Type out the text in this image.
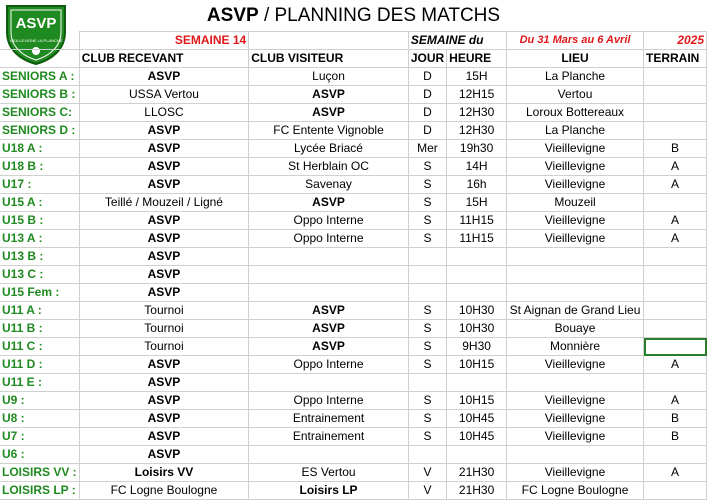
ASVP
VIEILLEVIGNE LA PLANCHE
ASVP / PLANNING DES MATCHS
	SEMAINE 14		SEMAINE du		Du 31 Mars au 6 Avril	2025
	CLUB RECEVANT	CLUB VISITEUR	JOUR	HEURE	LIEU	TERRAIN
SENIORS A :	ASVP	Luçon	D	15H	La Planche	
SENIORS B :	USSA Vertou	ASVP	D	12H15	Vertou	
SENIORS C:	LLOSC	ASVP	D	12H30	Loroux Bottereaux	
SENIORS D :	ASVP	FC Entente Vignoble	D	12H30	La Planche	
U18 A :	ASVP	Lycée Briacé	Mer	19h30	Vieillevigne	B
U18 B :	ASVP	St Herblain OC	S	14H	Vieillevigne	A
U17 :	ASVP	Savenay	S	16h	Vieillevigne	A
U15 A :	Teillé / Mouzeil / Ligné	ASVP	S	15H	Mouzeil	
U15 B :	ASVP	Oppo Interne	S	11H15	Vieillevigne	A
U13 A :	ASVP	Oppo Interne	S	11H15	Vieillevigne	A
U13 B :	ASVP					
U13 C :	ASVP					
U15 Fem :	ASVP					
U11 A :	Tournoi	ASVP	S	10H30	St Aignan de Grand Lieu	
U11 B :	Tournoi	ASVP	S	10H30	Bouaye	
U11 C :	Tournoi	ASVP	S	9H30	Monnière	
U11 D :	ASVP	Oppo Interne	S	10H15	Vieillevigne	A
U11 E :	ASVP					
U9 :	ASVP	Oppo Interne	S	10H15	Vieillevigne	A
U8 :	ASVP	Entrainement	S	10H45	Vieillevigne	B
U7 :	ASVP	Entrainement	S	10H45	Vieillevigne	B
U6 :	ASVP					
LOISIRS VV :	Loisirs VV	ES Vertou	V	21H30	Vieillevigne	A
LOISIRS LP :	FC Logne Boulogne	Loisirs LP	V	21H30	FC Logne Boulogne	
